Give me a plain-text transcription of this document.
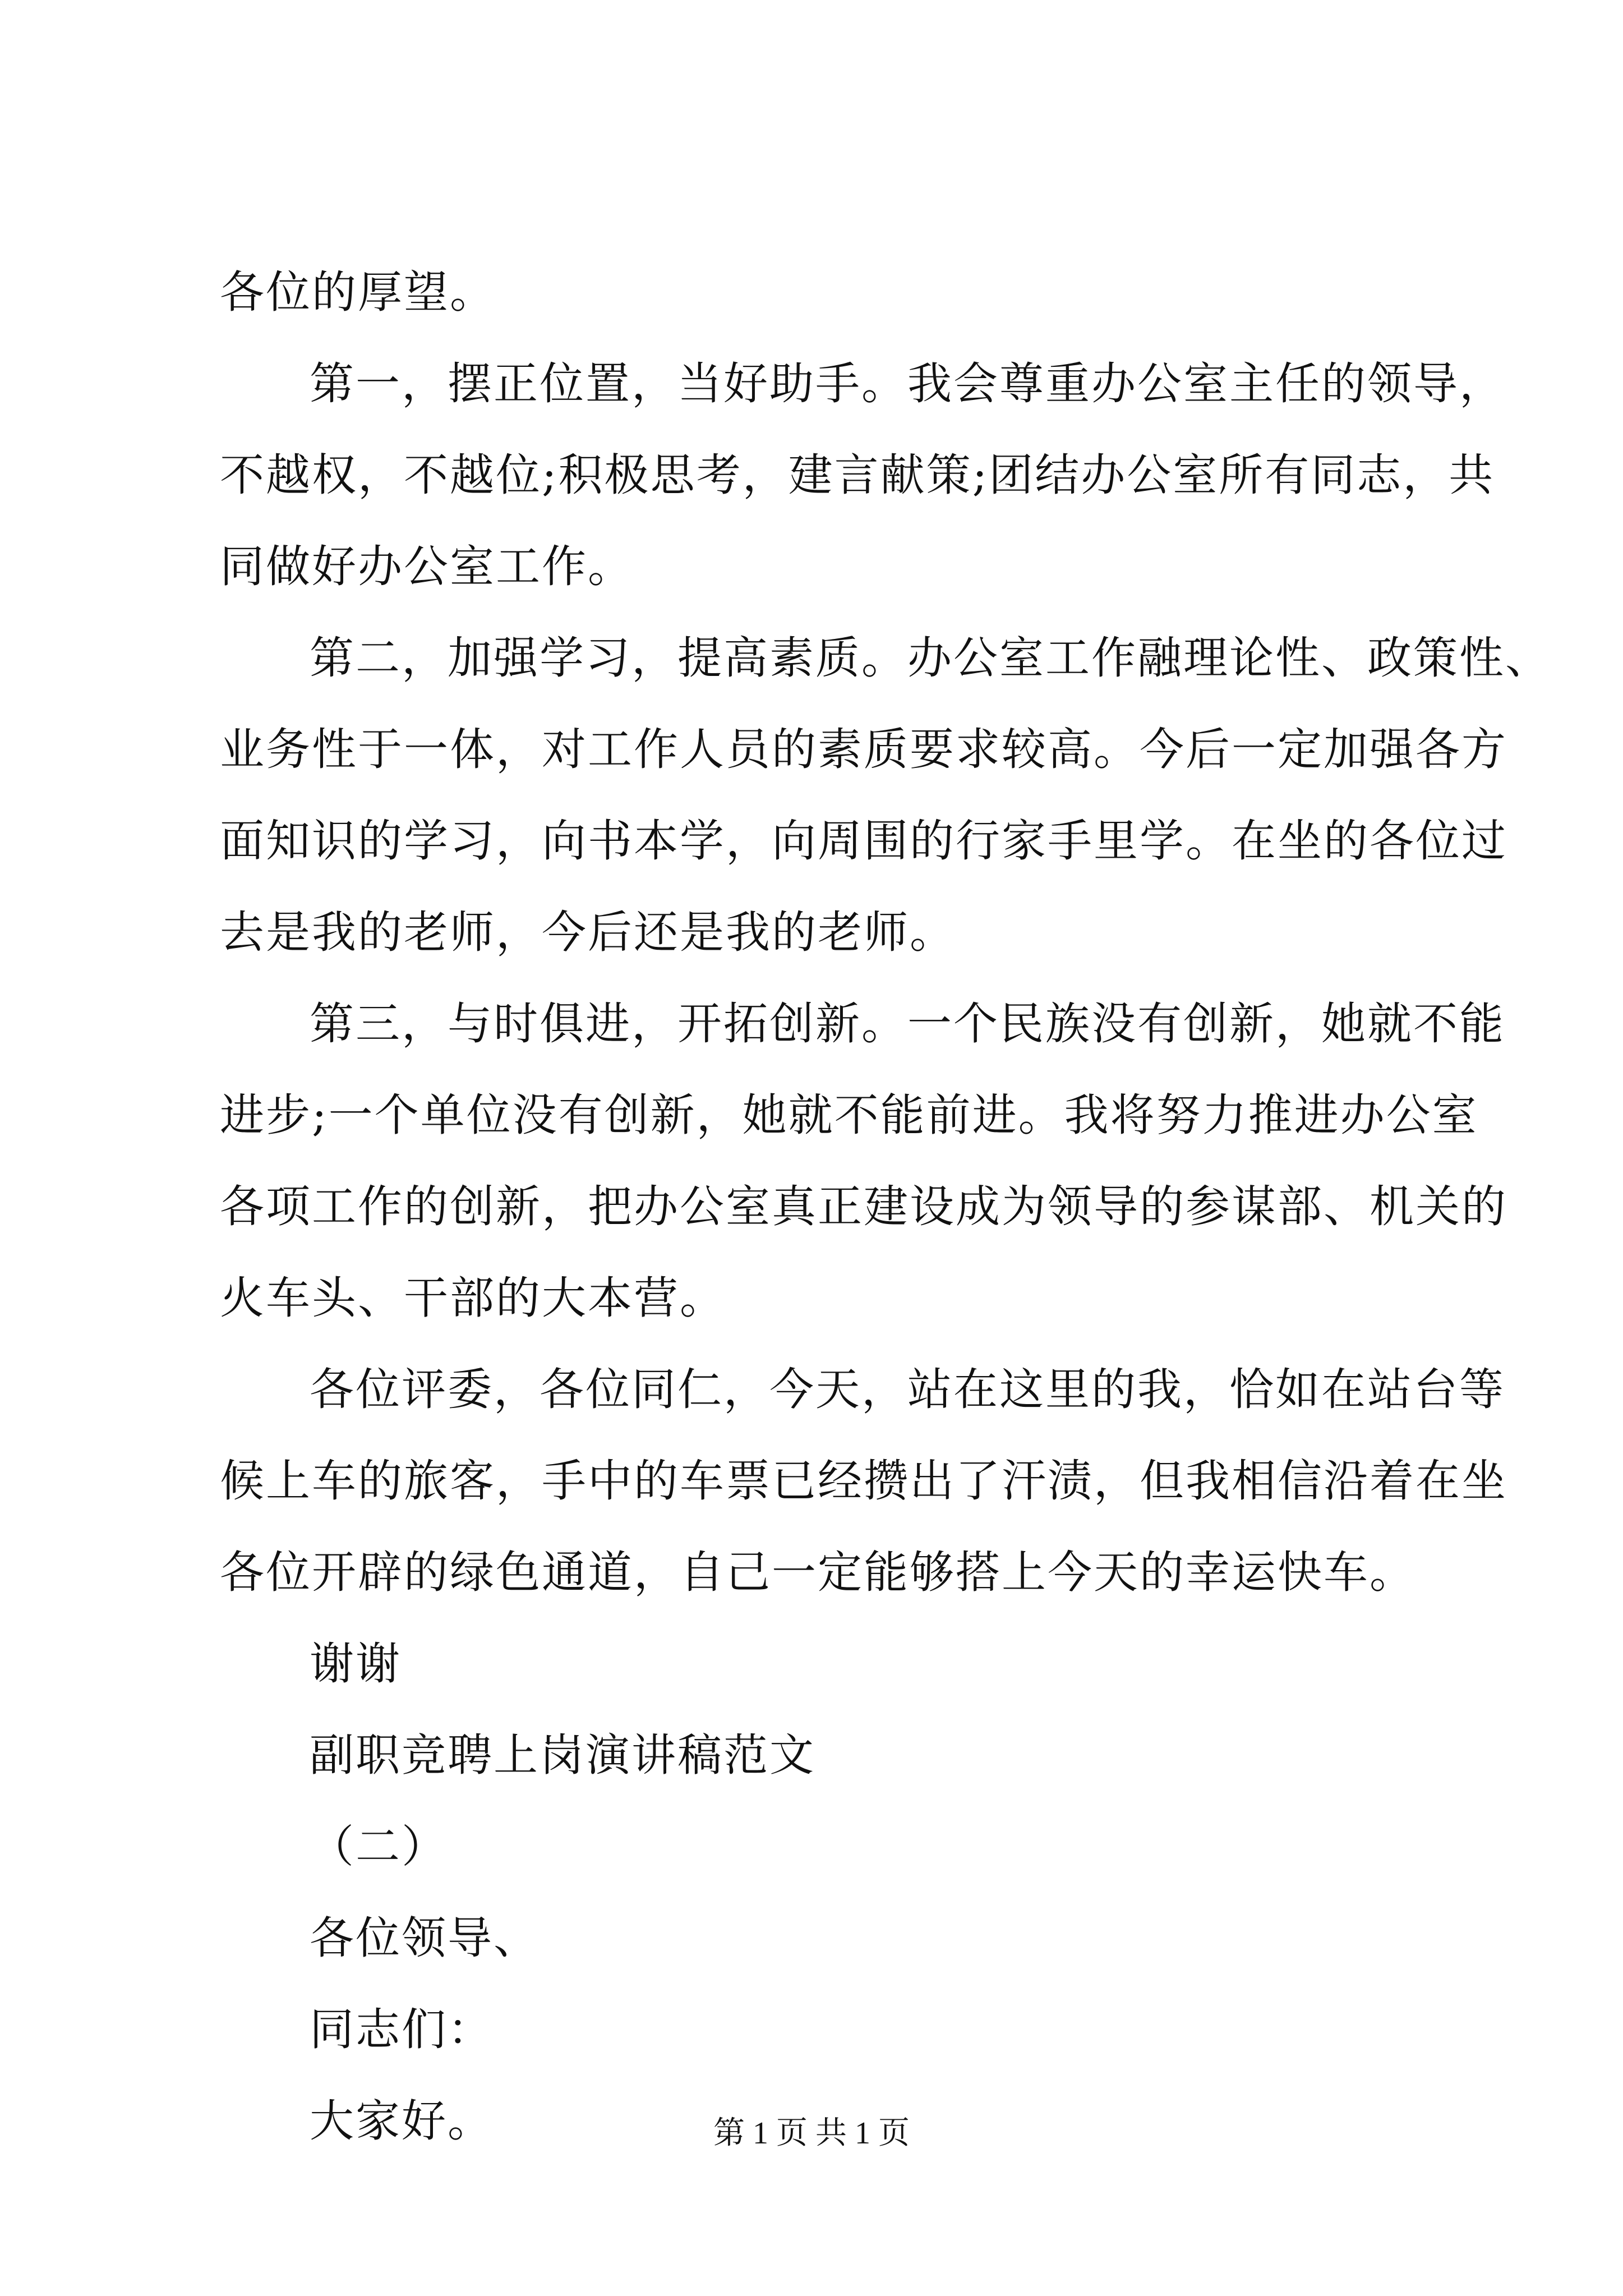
各位的厚望。
第一，摆正位置，当好助手。我会尊重办公室主任的领导，
不越权，不越位;积极思考，建言献策;团结办公室所有同志，共
同做好办公室工作。
第二，加强学习，提高素质。办公室工作融理论性、政策性、
业务性于一体，对工作人员的素质要求较高。今后一定加强各方
面知识的学习，向书本学，向周围的行家手里学。在坐的各位过
去是我的老师，今后还是我的老师。
第三，与时俱进，开拓创新。一个民族没有创新，她就不能
进步;一个单位没有创新，她就不能前进。我将努力推进办公室
各项工作的创新，把办公室真正建设成为领导的参谋部、机关的
火车头、干部的大本营。
各位评委，各位同仁，今天，站在这里的我，恰如在站台等
候上车的旅客，手中的车票已经攒出了汗渍，但我相信沿着在坐
各位开辟的绿色通道，自己一定能够搭上今天的幸运快车。
谢谢
副职竞聘上岗演讲稿范文
（二）
各位领导、
同志们：
大家好。	第 1 页 共 1 页
